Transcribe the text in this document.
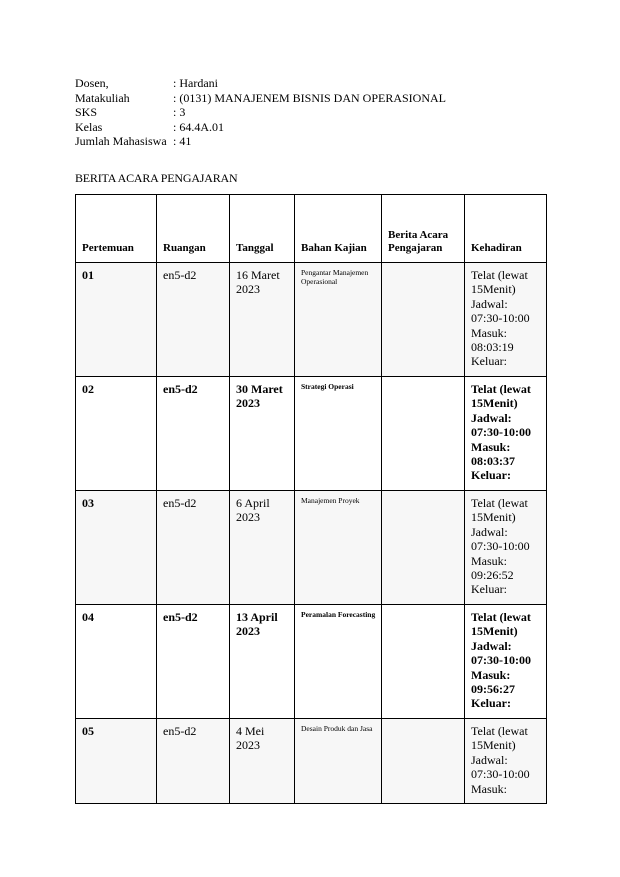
Dosen,	: Hardani
Matakuliah	: (0131) MANAJENEM BISNIS DAN OPERASIONAL
SKS	: 3
Kelas	: 64.4A.01
Jumlah Mahasiswa : 41
BERITA ACARA PENGAJARAN
Pertemuan	Ruangan	Tanggal	Bahan Kajian	Berita Acara Pengajaran	Kehadiran
01	en5-d2	16 Maret 2023	Pengantar Manajemen Operasional		Telat (lewat 15Menit) Jadwal: 07:30-10:00 Masuk: 08:03:19 Keluar:
02	en5-d2	30 Maret 2023	Strategi Operasi		Telat (lewat 15Menit) Jadwal: 07:30-10:00 Masuk: 08:03:37 Keluar:
03	en5-d2	6 April 2023	Manajemen Proyek		Telat (lewat 15Menit) Jadwal: 07:30-10:00 Masuk: 09:26:52 Keluar:
04	en5-d2	13 April 2023	Peramalan Forecasting		Telat (lewat 15Menit) Jadwal: 07:30-10:00 Masuk: 09:56:27 Keluar:
05	en5-d2	4 Mei 2023	Desain Produk dan Jasa		Telat (lewat 15Menit) Jadwal: 07:30-10:00 Masuk:
